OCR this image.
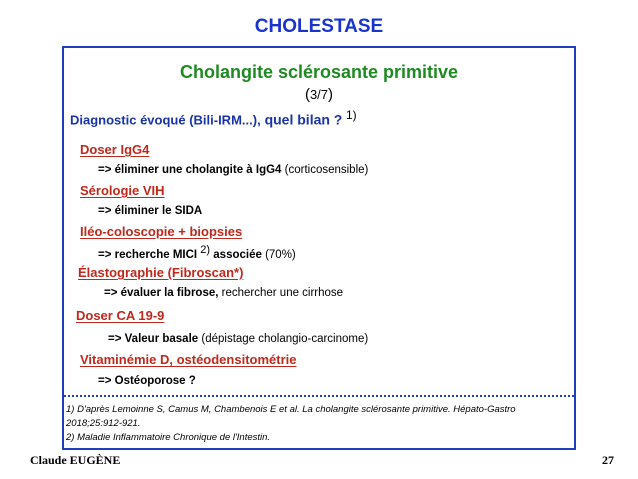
CHOLESTASE
Cholangite sclérosante primitive
(3/7)
Diagnostic évoqué (Bili-IRM...), quel bilan ? $^{1)}$
Doser IgG4
=> éliminer une cholangite à IgG4 (corticosensible)
Sérologie VIH
=> éliminer le SIDA
Iléo-coloscopie + biopsies
=> recherche MICI $^{2)}$ associée (70%)
Élastographie (Fibroscan*)
=> évaluer la fibrose, rechercher une cirrhose
Doser CA 19-9
=> Valeur basale (dépistage cholangio-carcinome)
Vitaminémie D, ostéodensitométrie
=> Ostéoporose ?
1) D'après Lemoinne S, Camus M, Chambenois E et al. La cholangite sclérosante primitive. Hépato-Gastro
2018;25:912-921.
2) Maladie Inflammatoire Chronique de l'Intestin.
Claude EUGÈNE	27
